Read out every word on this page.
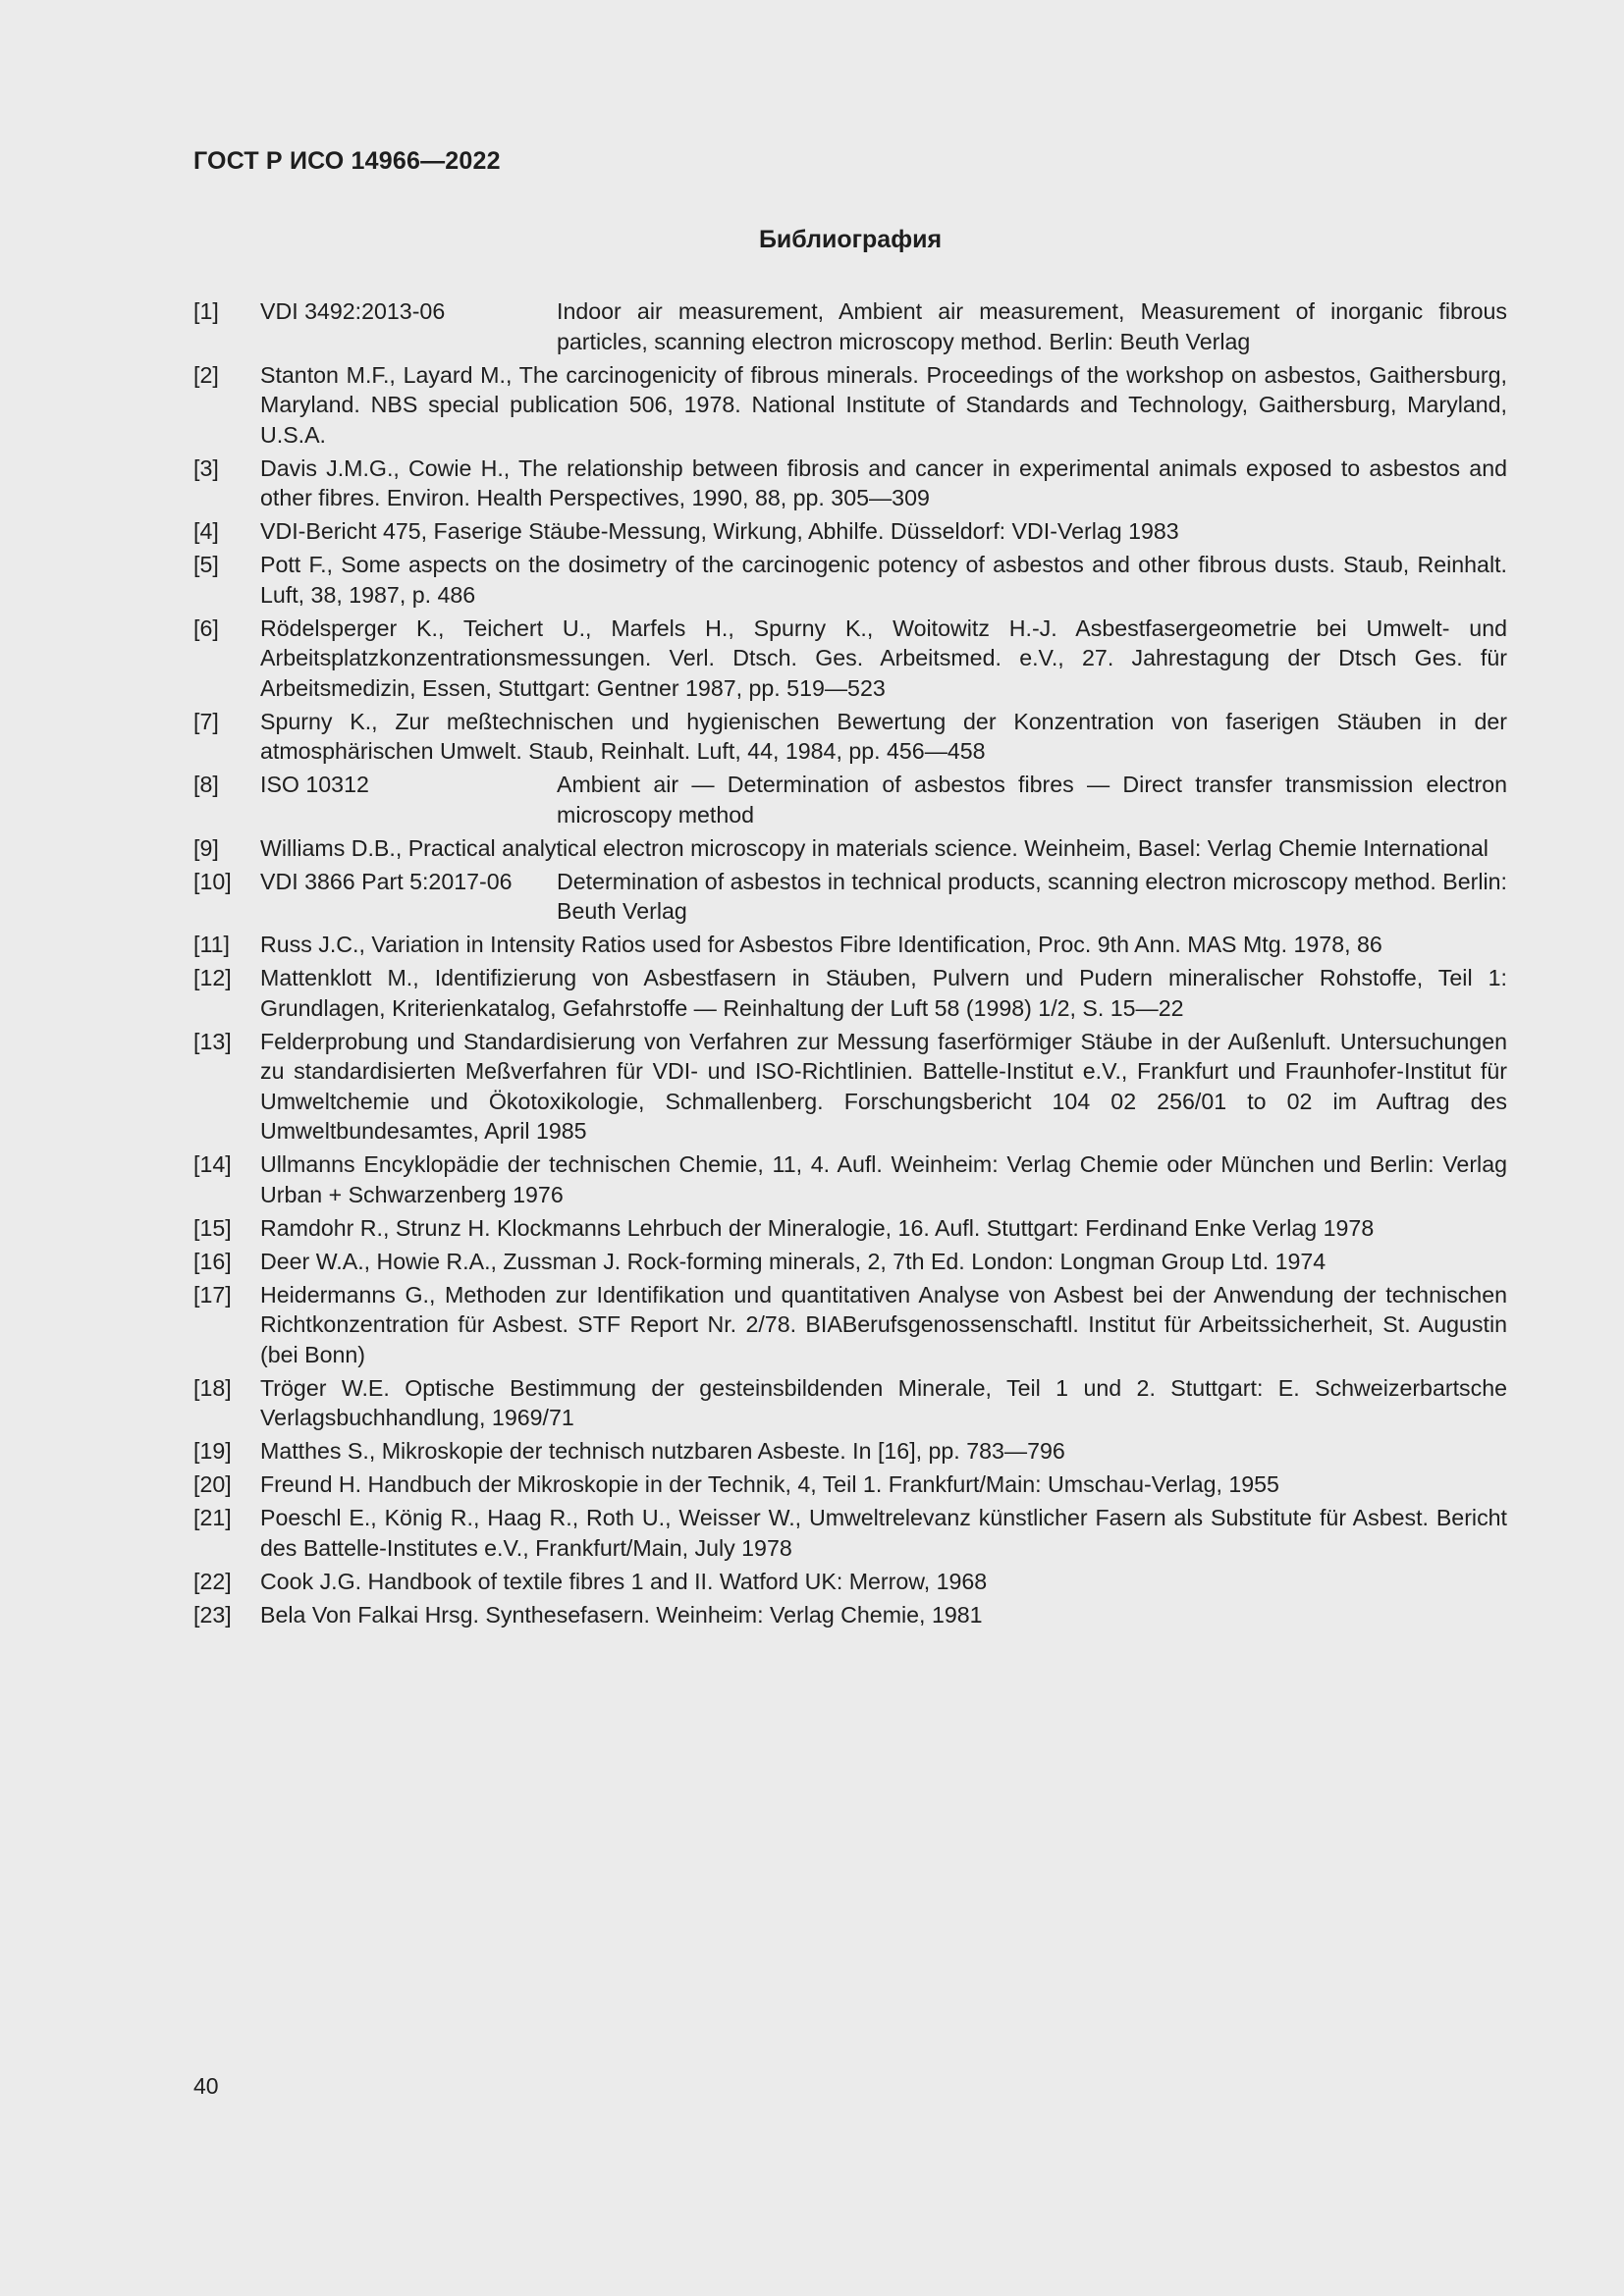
ГОСТ Р ИСО 14966—2022
Библиография
[1]	VDI 3492:2013-06	Indoor air measurement, Ambient air measurement, Measurement of inorganic fibrous particles, scanning electron microscopy method. Berlin: Beuth Verlag
[2]	Stanton M.F., Layard M., The carcinogenicity of fibrous minerals. Proceedings of the workshop on asbestos, Gaithersburg, Maryland. NBS special publication 506, 1978. National Institute of Standards and Technology, Gaithersburg, Maryland, U.S.A.
[3]	Davis J.M.G., Cowie H., The relationship between fibrosis and cancer in experimental animals exposed to asbestos and other fibres. Environ. Health Perspectives, 1990, 88, pp. 305—309
[4]	VDI-Bericht 475, Faserige Stäube-Messung, Wirkung, Abhilfe. Düsseldorf: VDI-Verlag 1983
[5]	Pott F., Some aspects on the dosimetry of the carcinogenic potency of asbestos and other fibrous dusts. Staub, Reinhalt. Luft, 38, 1987, p. 486
[6]	Rödelsperger K., Teichert U., Marfels H., Spurny K., Woitowitz H.-J. Asbestfasergeometrie bei Umwelt- und Arbeitsplatzkonzentrationsmessungen. Verl. Dtsch. Ges. Arbeitsmed. e.V., 27. Jahrestagung der Dtsch Ges. für Arbeitsmedizin, Essen, Stuttgart: Gentner 1987, pp. 519—523
[7]	Spurny K., Zur meßtechnischen und hygienischen Bewertung der Konzentration von faserigen Stäuben in der atmosphärischen Umwelt. Staub, Reinhalt. Luft, 44, 1984, pp. 456—458
[8]	ISO 10312	Ambient air — Determination of asbestos fibres — Direct transfer transmission electron microscopy method
[9]	Williams D.B., Practical analytical electron microscopy in materials science. Weinheim, Basel: Verlag Chemie International
[10]	VDI 3866 Part 5:2017-06	Determination of asbestos in technical products, scanning electron microscopy method. Berlin: Beuth Verlag
[11]	Russ J.C., Variation in Intensity Ratios used for Asbestos Fibre Identification, Proc. 9th Ann. MAS Mtg. 1978, 86
[12]	Mattenklott M., Identifizierung von Asbestfasern in Stäuben, Pulvern und Pudern mineralischer Rohstoffe, Teil 1: Grundlagen, Kriterienkatalog, Gefahrstoffe — Reinhaltung der Luft 58 (1998) 1/2, S. 15—22
[13]	Felderprobung und Standardisierung von Verfahren zur Messung faserförmiger Stäube in der Außenluft. Untersuchungen zu standardisierten Meßverfahren für VDI- und ISO-Richtlinien. Battelle-Institut e.V., Frankfurt und Fraunhofer-Institut für Umweltchemie und Ökotoxikologie, Schmallenberg. Forschungsbericht 104 02 256/01 to 02 im Auftrag des Umweltbundesamtes, April 1985
[14]	Ullmanns Encyklopädie der technischen Chemie, 11, 4. Aufl. Weinheim: Verlag Chemie oder München und Berlin: Verlag Urban + Schwarzenberg 1976
[15]	Ramdohr R., Strunz H. Klockmanns Lehrbuch der Mineralogie, 16. Aufl. Stuttgart: Ferdinand Enke Verlag 1978
[16]	Deer W.A., Howie R.A., Zussman J. Rock-forming minerals, 2, 7th Ed. London: Longman Group Ltd. 1974
[17]	Heidermanns G., Methoden zur Identifikation und quantitativen Analyse von Asbest bei der Anwendung der technischen Richtkonzentration für Asbest. STF Report Nr. 2/78. BIABerufsgenossenschaftl. Institut für Arbeitssicherheit, St. Augustin (bei Bonn)
[18]	Tröger W.E. Optische Bestimmung der gesteinsbildenden Minerale, Teil 1 und 2. Stuttgart: E. Schweizerbartsche Verlagsbuchhandlung, 1969/71
[19]	Matthes S., Mikroskopie der technisch nutzbaren Asbeste. In [16], pp. 783—796
[20]	Freund H. Handbuch der Mikroskopie in der Technik, 4, Teil 1. Frankfurt/Main: Umschau-Verlag, 1955
[21]	Poeschl E., König R., Haag R., Roth U., Weisser W., Umweltrelevanz künstlicher Fasern als Substitute für Asbest. Bericht des Battelle-Institutes e.V., Frankfurt/Main, July 1978
[22]	Cook J.G. Handbook of textile fibres 1 and II. Watford UK: Merrow, 1968
[23]	Bela Von Falkai Hrsg. Synthesefasern. Weinheim: Verlag Chemie, 1981
40
